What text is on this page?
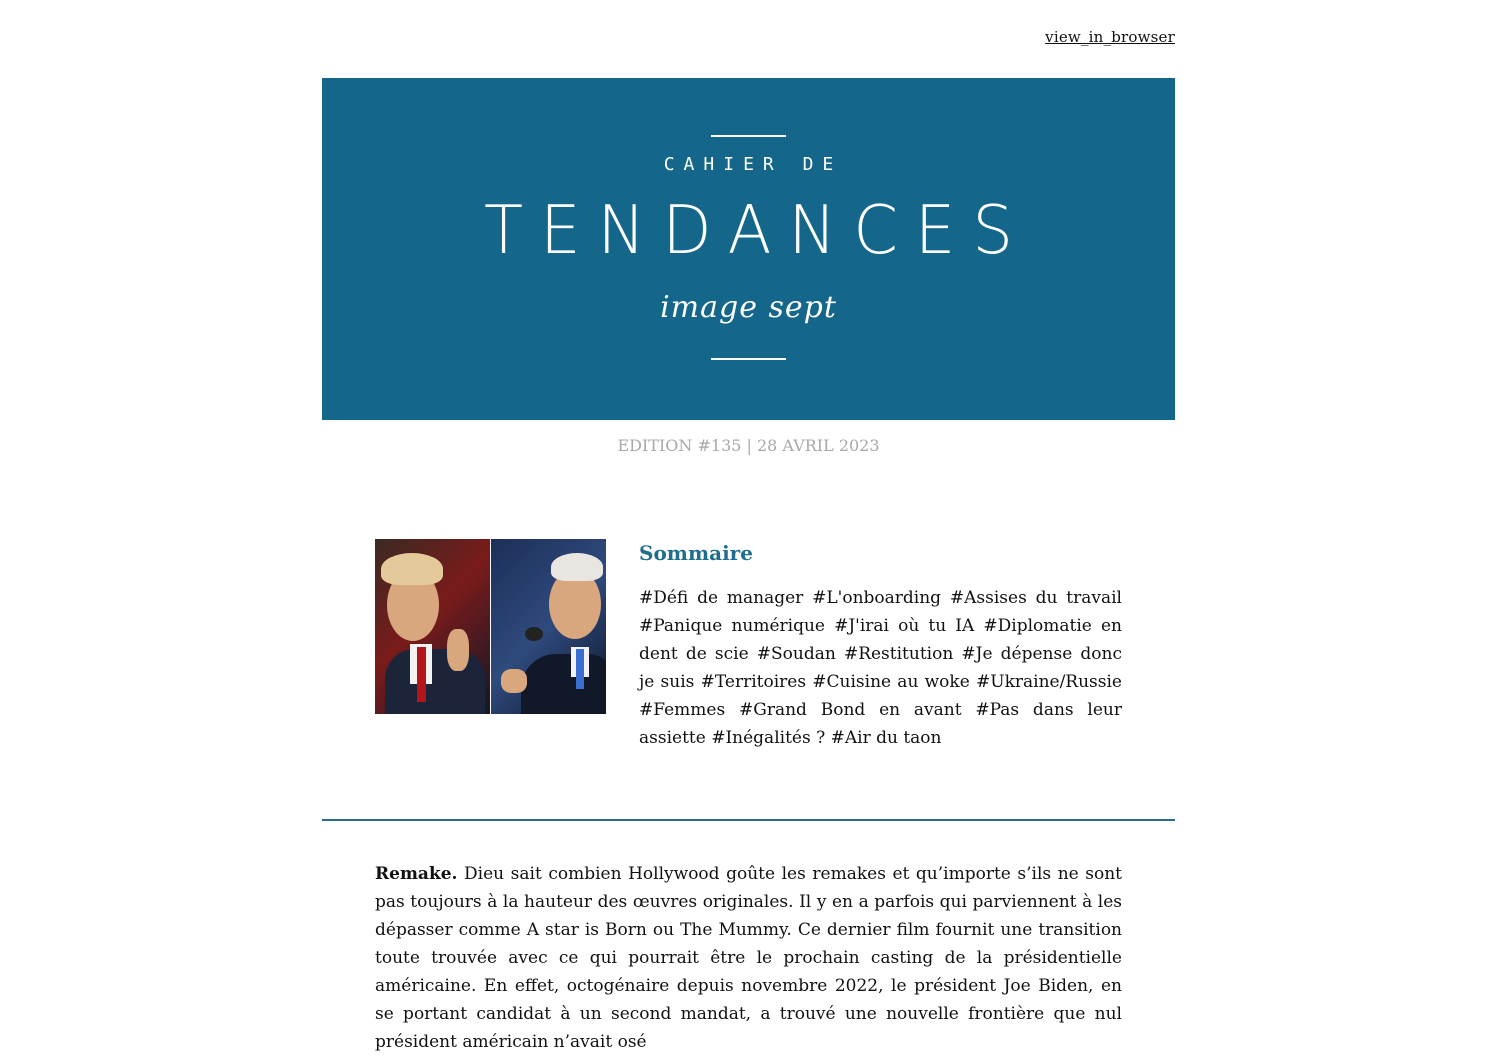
view_in_browser
CAHIER DE
TENDANCES
image sept
EDITION #135 | 28 AVRIL 2023
Sommaire
#Défi de manager #L'onboarding #Assises du travail #Panique numérique #J'irai où tu IA #Diplomatie en dent de scie #Soudan #Restitution #Je dépense donc je suis #Territoires #Cuisine au woke #Ukraine/Russie #Femmes #Grand Bond en avant #Pas dans leur assiette #Inégalités ? #Air du taon
Remake. Dieu sait combien Hollywood goûte les remakes et qu’importe s’ils ne sont pas toujours à la hauteur des œuvres originales. Il y en a parfois qui parviennent à les dépasser comme A star is Born ou The Mummy. Ce dernier film fournit une transition toute trouvée avec ce qui pourrait être le prochain casting de la présidentielle américaine. En effet, octogénaire depuis novembre 2022, le président Joe Biden, en se portant candidat à un second mandat, a trouvé une nouvelle frontière que nul président américain n’avait osé
